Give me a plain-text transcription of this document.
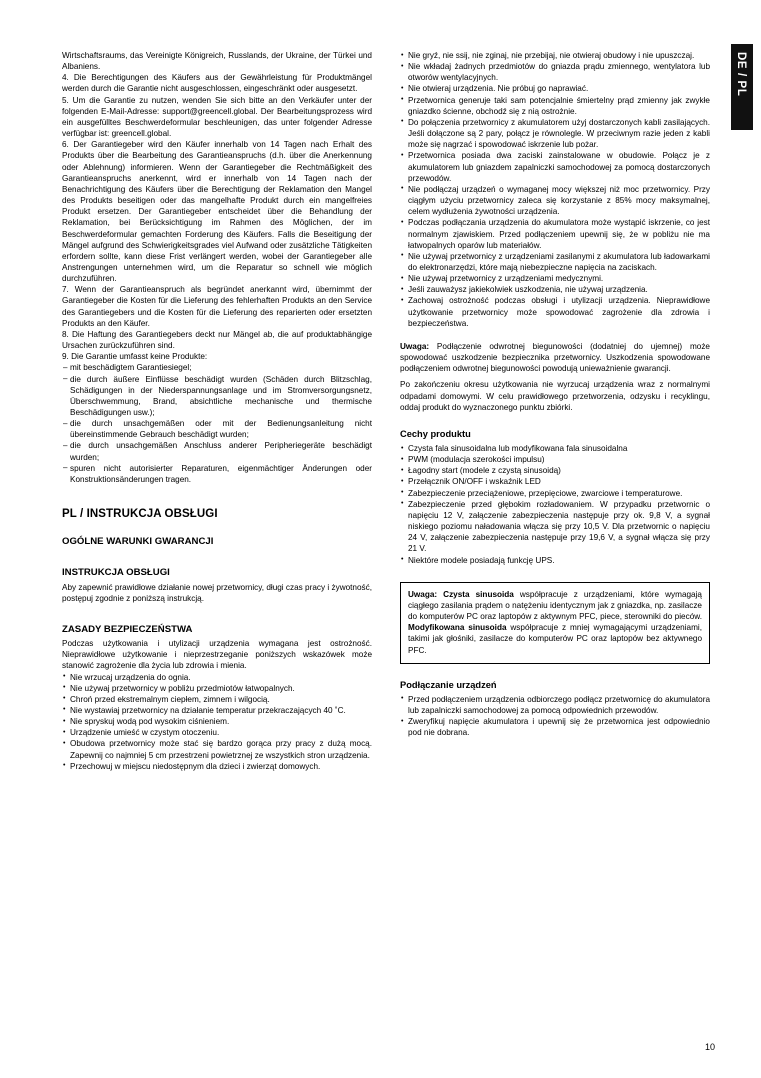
DE / PL

Wirtschaftsraums, das Vereinigte Königreich, Russlands, der Ukraine, der Türkei und Albaniens.

4. Die Berechtigungen des Käufers aus der Gewährleistung für Produktmängel werden durch die Garantie nicht ausgeschlossen, eingeschränkt oder ausgesetzt.

5. Um die Garantie zu nutzen, wenden Sie sich bitte an den Verkäufer unter der folgenden E-Mail-Adresse: support@greencell.global. Der Bearbeitungsprozess wird ein ausgefülltes Beschwerdeformular beschleunigen, das unter folgender Adresse verfügbar ist: greencell.global.

6. Der Garantiegeber wird den Käufer innerhalb von 14 Tagen nach Erhalt des Produkts über die Bearbeitung des Garantieanspruchs (d.h. über die Anerkennung oder Ablehnung) informieren. Wenn der Garantiegeber die Rechtmäßigkeit des Garantieanspruchs anerkennt, wird er innerhalb von 14 Tagen nach der Benachrichtigung des Käufers über die Berechtigung der Reklamation den Mangel des Produkts beseitigen oder das mangelhafte Produkt durch ein mangelfreies Produkt ersetzen. Der Garantiegeber entscheidet über die Behandlung der Reklamation, bei Berücksichtigung im Rahmen des Möglichen, der im Beschwerdeformular gemachten Forderung des Käufers. Falls die Beseitigung der Mängel aufgrund des Schwierigkeitsgrades viel Aufwand oder zusätzliche Tätigkeiten erfordern sollte, kann diese Frist verlängert werden, wobei der Garantiegeber alle Anstrengungen unternehmen wird, um die Reparatur so schnell wie möglich durchzuführen.

7. Wenn der Garantieanspruch als begründet anerkannt wird, übernimmt der Garantiegeber die Kosten für die Lieferung des fehlerhaften Produkts an den Service des Garantiegebers und die Kosten für die Lieferung des reparierten oder ersetzten Produkts an den Käufer.

8. Die Haftung des Garantiegebers deckt nur Mängel ab, die auf produktabhängige Ursachen zurückzuführen sind.

9. Die Garantie umfasst keine Produkte:

– mit beschädigtem Garantiesiegel;
– die durch äußere Einflüsse beschädigt wurden (Schäden durch Blitzschlag, Schädigungen in der Niederspannungsanlage und im Stromversorgungsnetz, Überschwemmung, Brand, absichtliche mechanische und thermische Beschädigungen usw.);
– die durch unsachgemäßen oder mit der Bedienungsanleitung nicht übereinstimmende Gebrauch beschädigt wurden;
– die durch unsachgemäßen Anschluss anderer Peripheriegeräte beschädigt wurden;
– spuren nicht autorisierter Reparaturen, eigenmächtiger Änderungen oder Konstruktionsänderungen tragen.
PL / INSTRUKCJA OBSŁUGI
OGÓLNE WARUNKI GWARANCJI
INSTRUKCJA OBSŁUGI

Aby zapewnić prawidłowe działanie nowej przetwornicy, długi czas pracy i żywotność, postępuj zgodnie z poniższą instrukcją.

ZASADY BEZPIECZEŃSTWA

Podczas użytkowania i utylizacji urządzenia wymagana jest ostrożność. Nieprawidłowe użytkowanie i nieprzestrzeganie poniższych wskazówek może stanowić zagrożenie dla życia lub zdrowia i mienia.

• Nie wrzucaj urządzenia do ognia.
• Nie używaj przetwornicy w pobliżu przedmiotów łatwopalnych.
• Chroń przed ekstremalnym ciepłem, zimnem i wilgocią.
• Nie wystawiaj przetwornicy na działanie temperatur przekraczających 40 ˚C.
• Nie spryskuj wodą pod wysokim ciśnieniem.
• Urządzenie umieść w czystym otoczeniu.
• Obudowa przetwornicy może stać się bardzo gorąca przy pracy z dużą mocą. Zapewnij co najmniej 5 cm przestrzeni powietrznej ze wszystkich stron urządzenia.
• Przechowuj w miejscu niedostępnym dla dzieci i zwierząt domowych.
• Nie gryź, nie ssij, nie zginaj, nie przebijaj, nie otwieraj obudowy i nie upuszczaj.
• Nie wkładaj żadnych przedmiotów do gniazda prądu zmiennego, wentylatora lub otworów wentylacyjnych.
• Nie otwieraj urządzenia. Nie próbuj go naprawiać.
• Przetwornica generuje taki sam potencjalnie śmiertelny prąd zmienny jak zwykłe gniazdko ścienne, obchodź się z nią ostrożnie.
• Do połączenia przetwornicy z akumulatorem użyj dostarczonych kabli zasilających. Jeśli dołączone są 2 pary, połącz je równolegle. W przeciwnym razie jeden z kabli może się nagrzać i spowodować iskrzenie lub pożar.
• Przetwornica posiada dwa zaciski zainstalowane w obudowie. Połącz je z akumulatorem lub gniazdem zapalniczki samochodowej za pomocą dostarczonych przewodów.
• Nie podłączaj urządzeń o wymaganej mocy większej niż moc przetwornicy. Przy ciągłym użyciu przetwornicy zaleca się korzystanie z 85% mocy maksymalnej, celem wydłużenia żywotności urządzenia.
• Podczas podłączania urządzenia do akumulatora może wystąpić iskrzenie, co jest normalnym zjawiskiem. Przed podłączeniem upewnij się, że w pobliżu nie ma łatwopalnych oparów lub materiałów.
• Nie używaj przetwornicy z urządzeniami zasilanymi z akumulatora lub ładowarkami do elektronarzędzi, które mają niebezpieczne napięcia na zaciskach.
• Nie używaj przetwornicy z urządzeniami medycznymi.
• Jeśli zauważysz jakiekolwiek uszkodzenia, nie używaj urządzenia.
• Zachowaj ostrożność podczas obsługi i utylizacji urządzenia. Nieprawidłowe użytkowanie przetwornicy może spowodować zagrożenie dla zdrowia i bezpieczeństwa.

Uwaga: Podłączenie odwrotnej biegunowości (dodatniej do ujemnej) może spowodować uszkodzenie bezpiecznika przetwornicy. Uszkodzenia spowodowane podłączeniem odwrotnej biegunowości powodują unieważnienie gwarancji.

Po zakończeniu okresu użytkowania nie wyrzucaj urządzenia wraz z normalnymi odpadami domowymi. W celu prawidłowego przetworzenia, odzysku i recyklingu, oddaj produkt do wyznaczonego punktu zbiórki.

Cechy produktu
• Czysta fala sinusoidalna lub modyfikowana fala sinusoidalna
• PWM (modulacja szerokości impulsu)
• Łagodny start (modele z czystą sinusoidą)
• Przełącznik ON/OFF i wskaźnik LED
• Zabezpieczenie przeciążeniowe, przepięciowe, zwarciowe i temperaturowe.
• Zabezpieczenie przed głębokim rozładowaniem. W przypadku przetwornic o napięciu 12 V, załączenie zabezpieczenia następuje przy ok. 9,8 V, a sygnał niskiego poziomu naładowania włącza się przy 10,5 V. Dla przetwornic o napięciu 24 V, załączenie zabezpieczenia następuje przy 19,6 V, a sygnał włącza się przy 21 V.
• Niektóre modele posiadają funkcję UPS.
Uwaga: Czysta sinusoida współpracuje z urządzeniami, które wymagają ciągłego zasilania prądem o natężeniu identycznym jak z gniazdka, np. zasilacze do komputerów PC oraz laptopów z aktywnym PFC, piece, sterowniki do pieców. Modyfikowana sinusoida współpracuje z mniej wymagającymi urządzeniami, takimi jak głośniki, zasilacze do komputerów PC oraz laptopów bez aktywnego PFC.
Podłączanie urządzeń
• Przed podłączeniem urządzenia odbiorczego podłącz przetwornicę do akumulatora lub zapalniczki samochodowej za pomocą odpowiednich przewodów.
• Zweryfikuj napięcie akumulatora i upewnij się że przetwornica jest odpowiednio pod nie dobrana.
10
